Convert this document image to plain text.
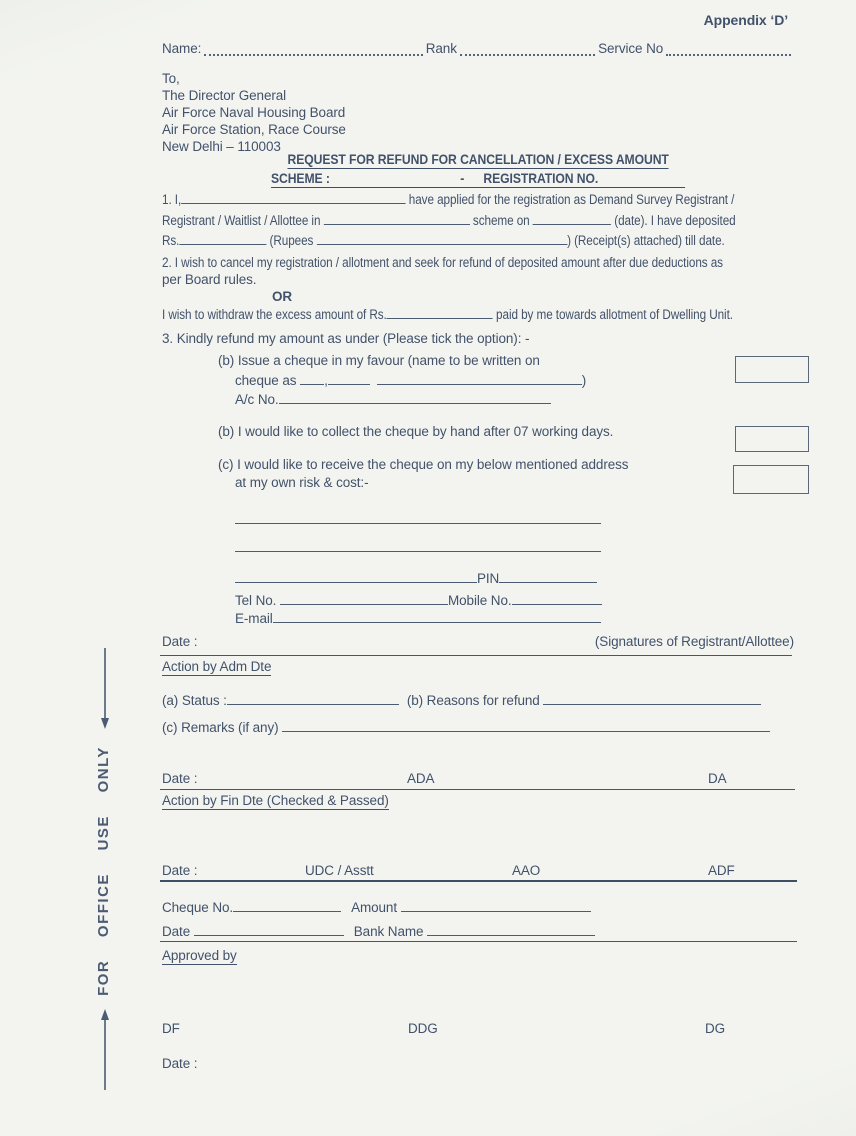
Appendix ‘D’
Name:	Rank	Service No
To,
The Director General
Air Force Naval Housing Board
Air Force Station, Race Course
New Delhi – 110003
REQUEST FOR REFUND FOR CANCELLATION / EXCESS AMOUNT
SCHEME :	- REGISTRATION NO.
1. I,	have applied for the registration as Demand Survey Registrant /
Registrant / Waitlist / Allottee in	scheme on	(date). I have deposited
Rs.	(Rupees	) (Receipt(s) attached) till date.
2. I wish to cancel my registration / allotment and seek for refund of deposited amount after due deductions as
per Board rules.
OR
I wish to withdraw the excess amount of Rs.	paid by me towards allotment of Dwelling Unit.
3. Kindly refund my amount as under (Please tick the option): -
(b) Issue a cheque in my favour (name to be written on
cheque as ,	)
A/c No.
(b) I would like to collect the cheque by hand after 07 working days.
(c) I would like to receive the cheque on my below mentioned address
at my own risk & cost:-
PIN
Tel No.	Mobile No.
E-mail
Date :	(Signatures of Registrant/Allottee)
Action by Adm Dte
(a) Status :	(b) Reasons for refund
(c) Remarks (if any)
Date :	ADA	DA
Action by Fin Dte (Checked & Passed)
Date :	UDC / Asstt	AAO	ADF
Cheque No.	Amount
Date	Bank Name
Approved by
DF	DDG	DG
Date :
FOR OFFICE USE ONLY
